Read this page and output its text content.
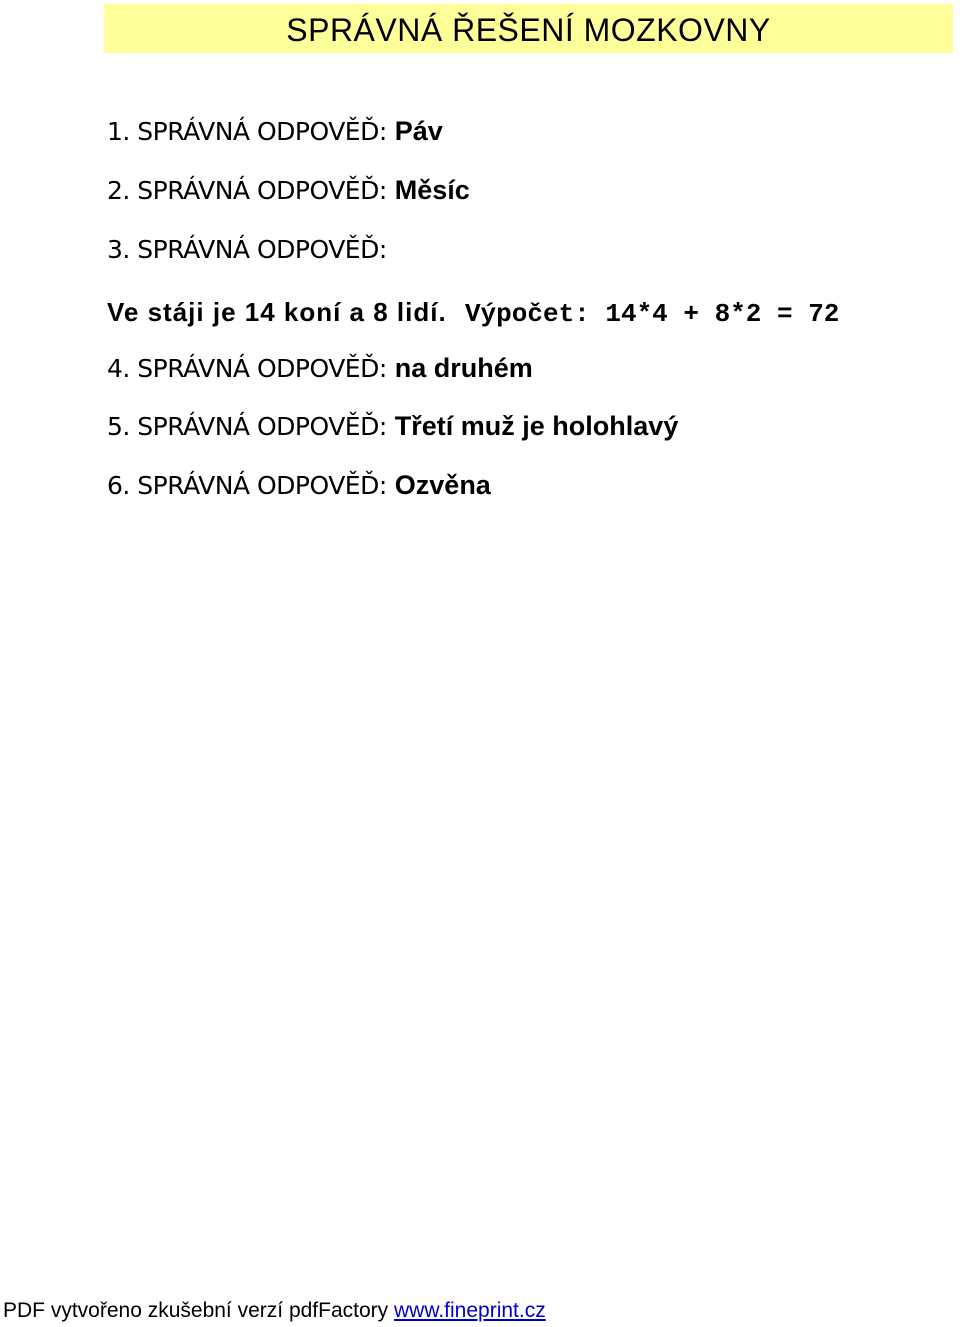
SPRÁVNÁ ŘEŠENÍ MOZKOVNY
1. SPRÁVNÁ ODPOVĚĎ: Páv
2. SPRÁVNÁ ODPOVĚĎ: Měsíc
3. SPRÁVNÁ ODPOVĚĎ:
Ve stáji je 14 koní a 8 lidí. Výpočet: 14*4 + 8*2 = 72
4. SPRÁVNÁ ODPOVĚĎ: na druhém
5. SPRÁVNÁ ODPOVĚĎ: Třetí muž je holohlavý
6. SPRÁVNÁ ODPOVĚĎ: Ozvěna
PDF vytvořeno zkušební verzí pdfFactory www.fineprint.cz
